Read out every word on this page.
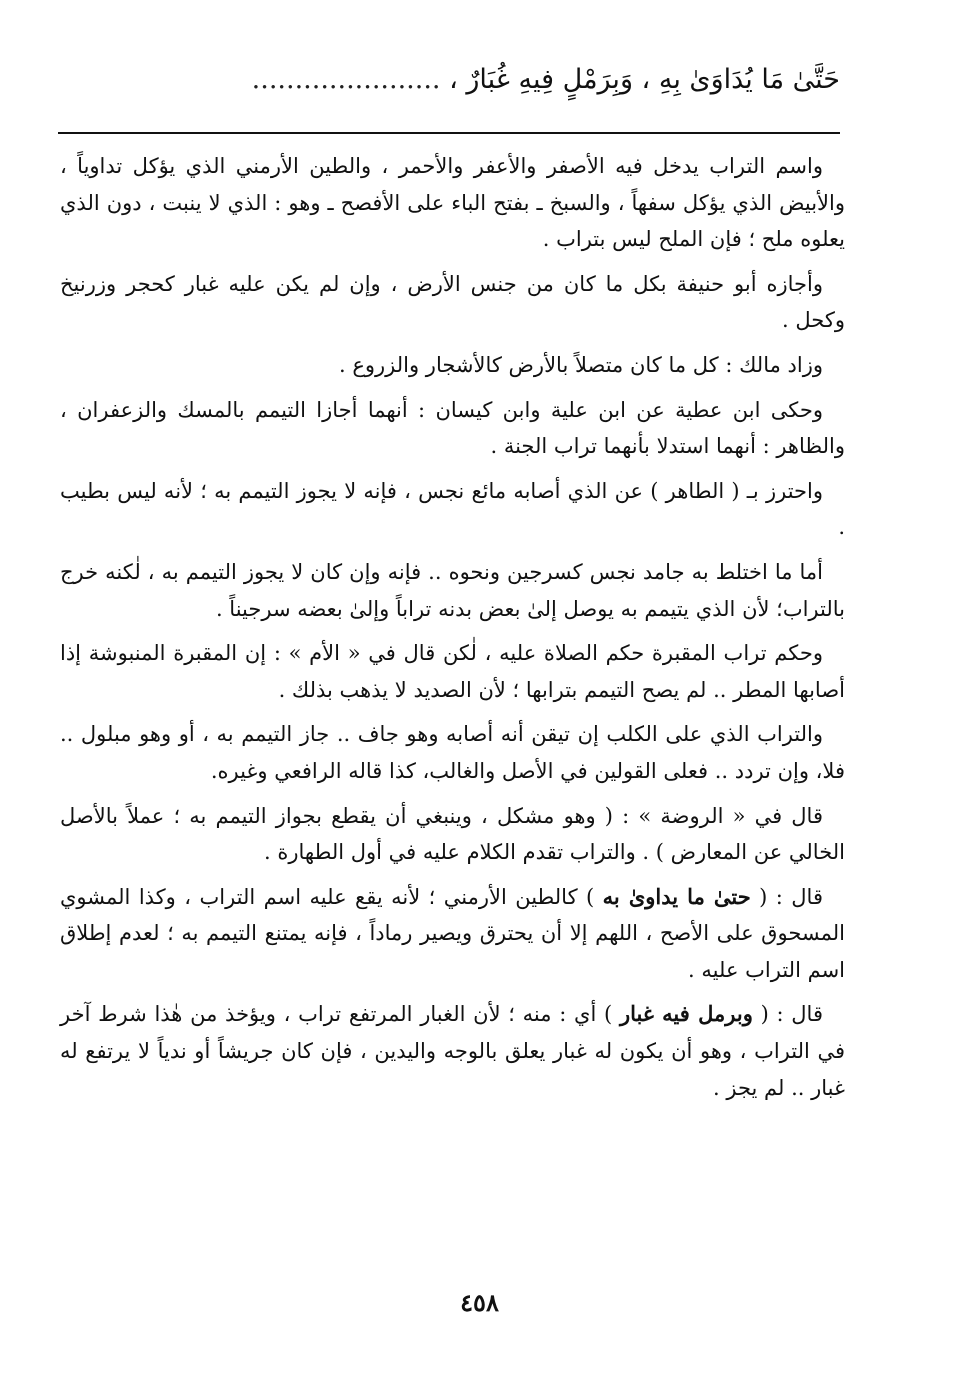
حَتَّىٰ مَا يُدَاوَىٰ بِهِ ، وَبِرَمْلٍ فِيهِ غُبَارٌ ، ......................

واسم التراب يدخل فيه الأصفر والأعفر والأحمر ، والطين الأرمني الذي يؤكل تداوياً ، والأبيض الذي يؤكل سفهاً ، والسبخ ـ بفتح الباء على الأفصح ـ وهو : الذي لا ينبت ، دون الذي يعلوه ملح ؛ فإن الملح ليس بتراب .

وأجازه أبو حنيفة بكل ما كان من جنس الأرض ، وإن لم يكن عليه غبار كحجر وزرنيخ وكحل .

وزاد مالك : كل ما كان متصلاً بالأرض كالأشجار والزروع .

وحكى ابن عطية عن ابن علية وابن كيسان : أنهما أجازا التيمم بالمسك والزعفران ، والظاهر : أنهما استدلا بأنهما تراب الجنة .

واحترز بـ ( الطاهر ) عن الذي أصابه مائع نجس ، فإنه لا يجوز التيمم به ؛ لأنه ليس بطيب .

أما ما اختلط به جامد نجس كسرجين ونحوه .. فإنه وإن كان لا يجوز التيمم به ، لٰكنه خرج بالتراب؛ لأن الذي يتيمم به يوصل إلىٰ بعض بدنه تراباً وإلىٰ بعضه سرجيناً .

وحكم تراب المقبرة حكم الصلاة عليه ، لٰكن قال في « الأم » : إن المقبرة المنبوشة إذا أصابها المطر .. لم يصح التيمم بترابها ؛ لأن الصديد لا يذهب بذلك .

والتراب الذي على الكلب إن تيقن أنه أصابه وهو جاف .. جاز التيمم به ، أو وهو مبلول .. فلا، وإن تردد .. فعلى القولين في الأصل والغالب، كذا قاله الرافعي وغيره.

قال في « الروضة » : ( وهو مشكل ، وينبغي أن يقطع بجواز التيمم به ؛ عملاً بالأصل الخالي عن المعارض ) . والتراب تقدم الكلام عليه في أول الطهارة .

قال : ( حتىٰ ما يداوىٰ به ) كالطين الأرمني ؛ لأنه يقع عليه اسم التراب ، وكذا المشوي المسحوق على الأصح ، اللهم إلا أن يحترق ويصير رماداً ، فإنه يمتنع التيمم به ؛ لعدم إطلاق اسم التراب عليه .

قال : ( وبرمل فيه غبار ) أي : منه ؛ لأن الغبار المرتفع تراب ، ويؤخذ من هٰذا شرط آخر في التراب ، وهو أن يكون له غبار يعلق بالوجه واليدين ، فإن كان جريشاً أو ندياً لا يرتفع له غبار .. لم يجز .

٤٥٨
